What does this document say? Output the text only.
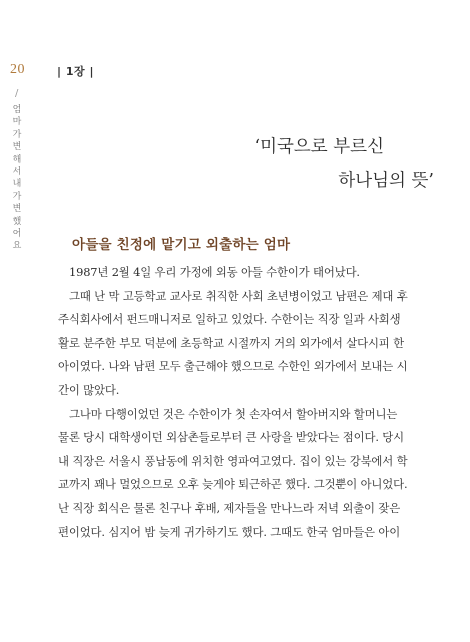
20	| 1장 |
/
엄마가 변해서 내가 변했어요
‘미국으로 부르신
하나님의 뜻’
아들을 친정에 맡기고 외출하는 엄마

1987년 2월 4일 우리 가정에 외동 아들 수한이가 태어났다.

그때 난 막 고등학교 교사로 취직한 사회 초년병이었고 남편은 제대 후
주식회사에서 펀드매니저로 일하고 있었다. 수한이는 직장 일과 사회생
활로 분주한 부모 덕분에 초등학교 시절까지 거의 외가에서 살다시피 한
아이였다. 나와 남편 모두 출근해야 했으므로 수한인 외가에서 보내는 시
간이 많았다.

그나마 다행이었던 것은 수한이가 첫 손자여서 할아버지와 할머니는
물론 당시 대학생이던 외삼촌들로부터 큰 사랑을 받았다는 점이다. 당시
내 직장은 서울시 풍납동에 위치한 영파여고였다. 집이 있는 강북에서 학
교까지 꽤나 멀었으므로 오후 늦게야 퇴근하곤 했다. 그것뿐이 아니었다.
난 직장 회식은 물론 친구나 후배, 제자들을 만나느라 저녁 외출이 잦은
편이었다. 심지어 밤 늦게 귀가하기도 했다. 그때도 한국 엄마들은 아이
